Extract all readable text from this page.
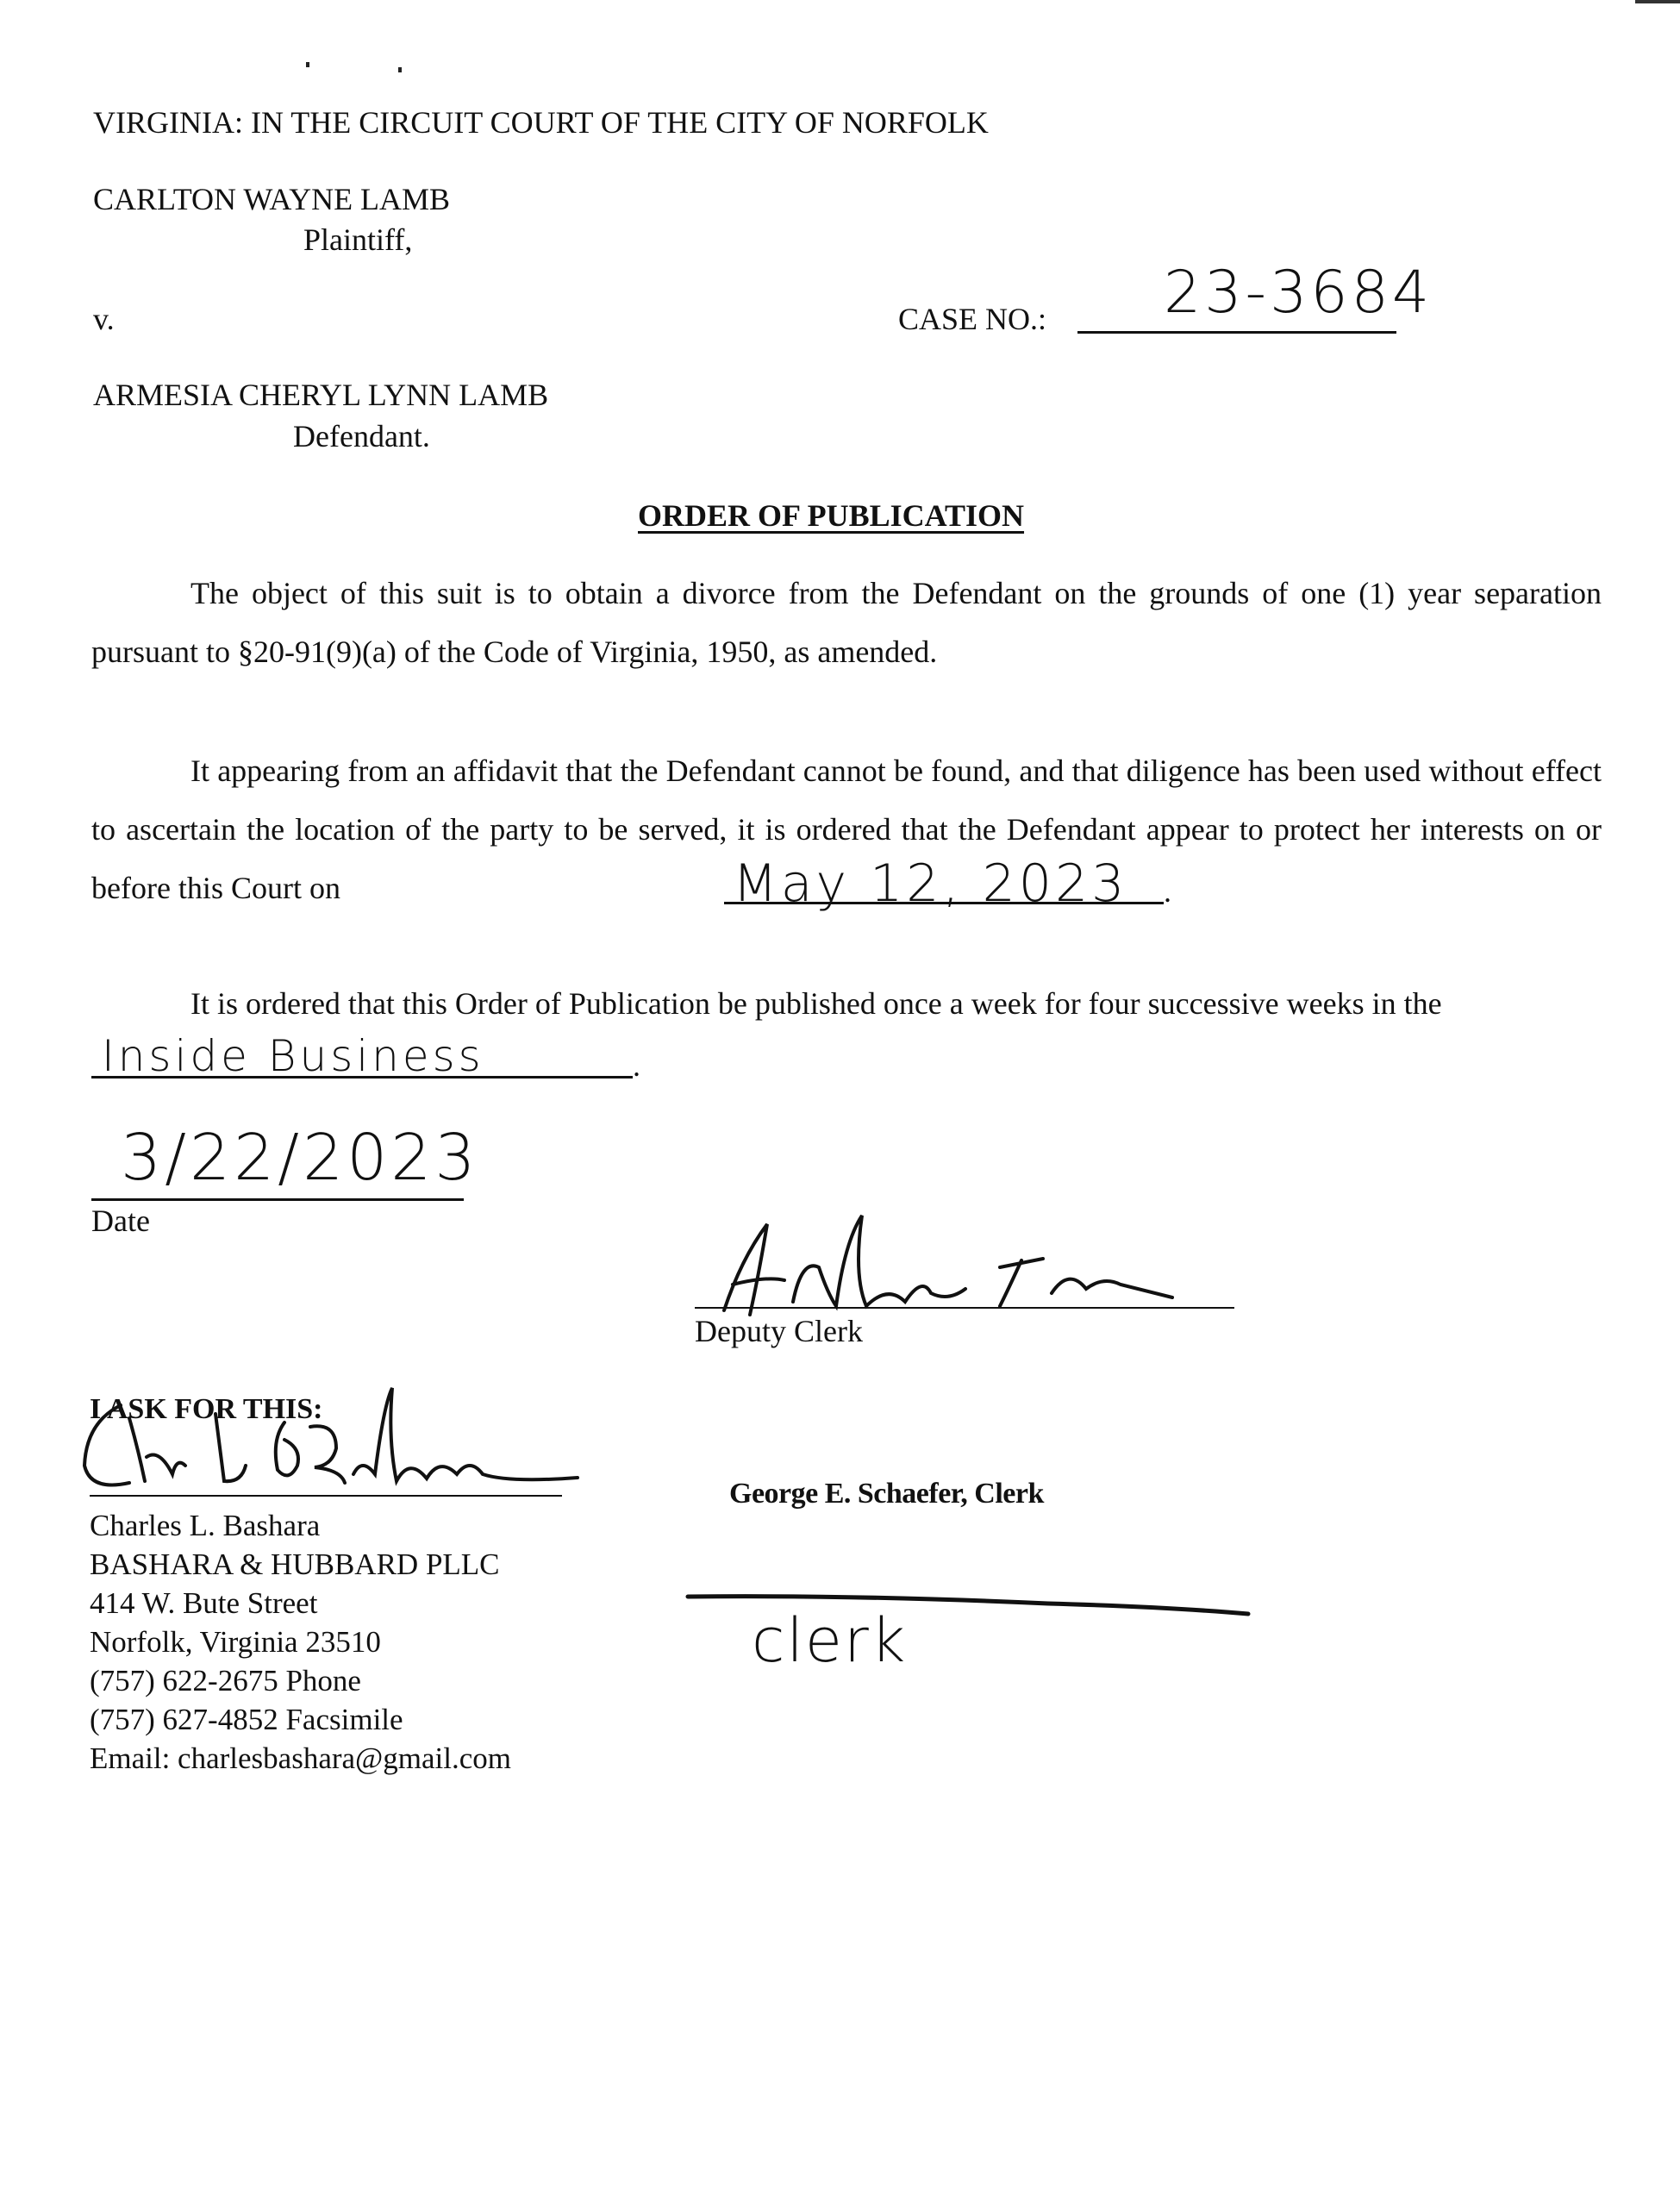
VIRGINIA: IN THE CIRCUIT COURT OF THE CITY OF NORFOLK
CARLTON WAYNE LAMB
Plaintiff,
v.	CASE NO.: 23-3684
ARMESIA CHERYL LYNN LAMB
Defendant.
ORDER OF PUBLICATION
The object of this suit is to obtain a divorce from the Defendant on the grounds of one (1) year separation pursuant to §20-91(9)(a) of the Code of Virginia, 1950, as amended.
It appearing from an affidavit that the Defendant cannot be found, and that diligence has been used without effect to ascertain the location of the party to be served, it is ordered that the Defendant appear to protect her interests on or before this Court on	May 12, 2023 .
It is ordered that this Order of Publication be published once a week for four successive weeks in the
Inside Business	.
3/22/2023
Date
Deputy Clerk
I ASK FOR THIS:
Charles L. Bashara
BASHARA & HUBBARD PLLC
414 W. Bute Street
Norfolk, Virginia 23510
(757) 622-2675 Phone
(757) 627-4852 Facsimile
Email: charlesbashara@gmail.com
George E. Schaefer, Clerk
clerk
